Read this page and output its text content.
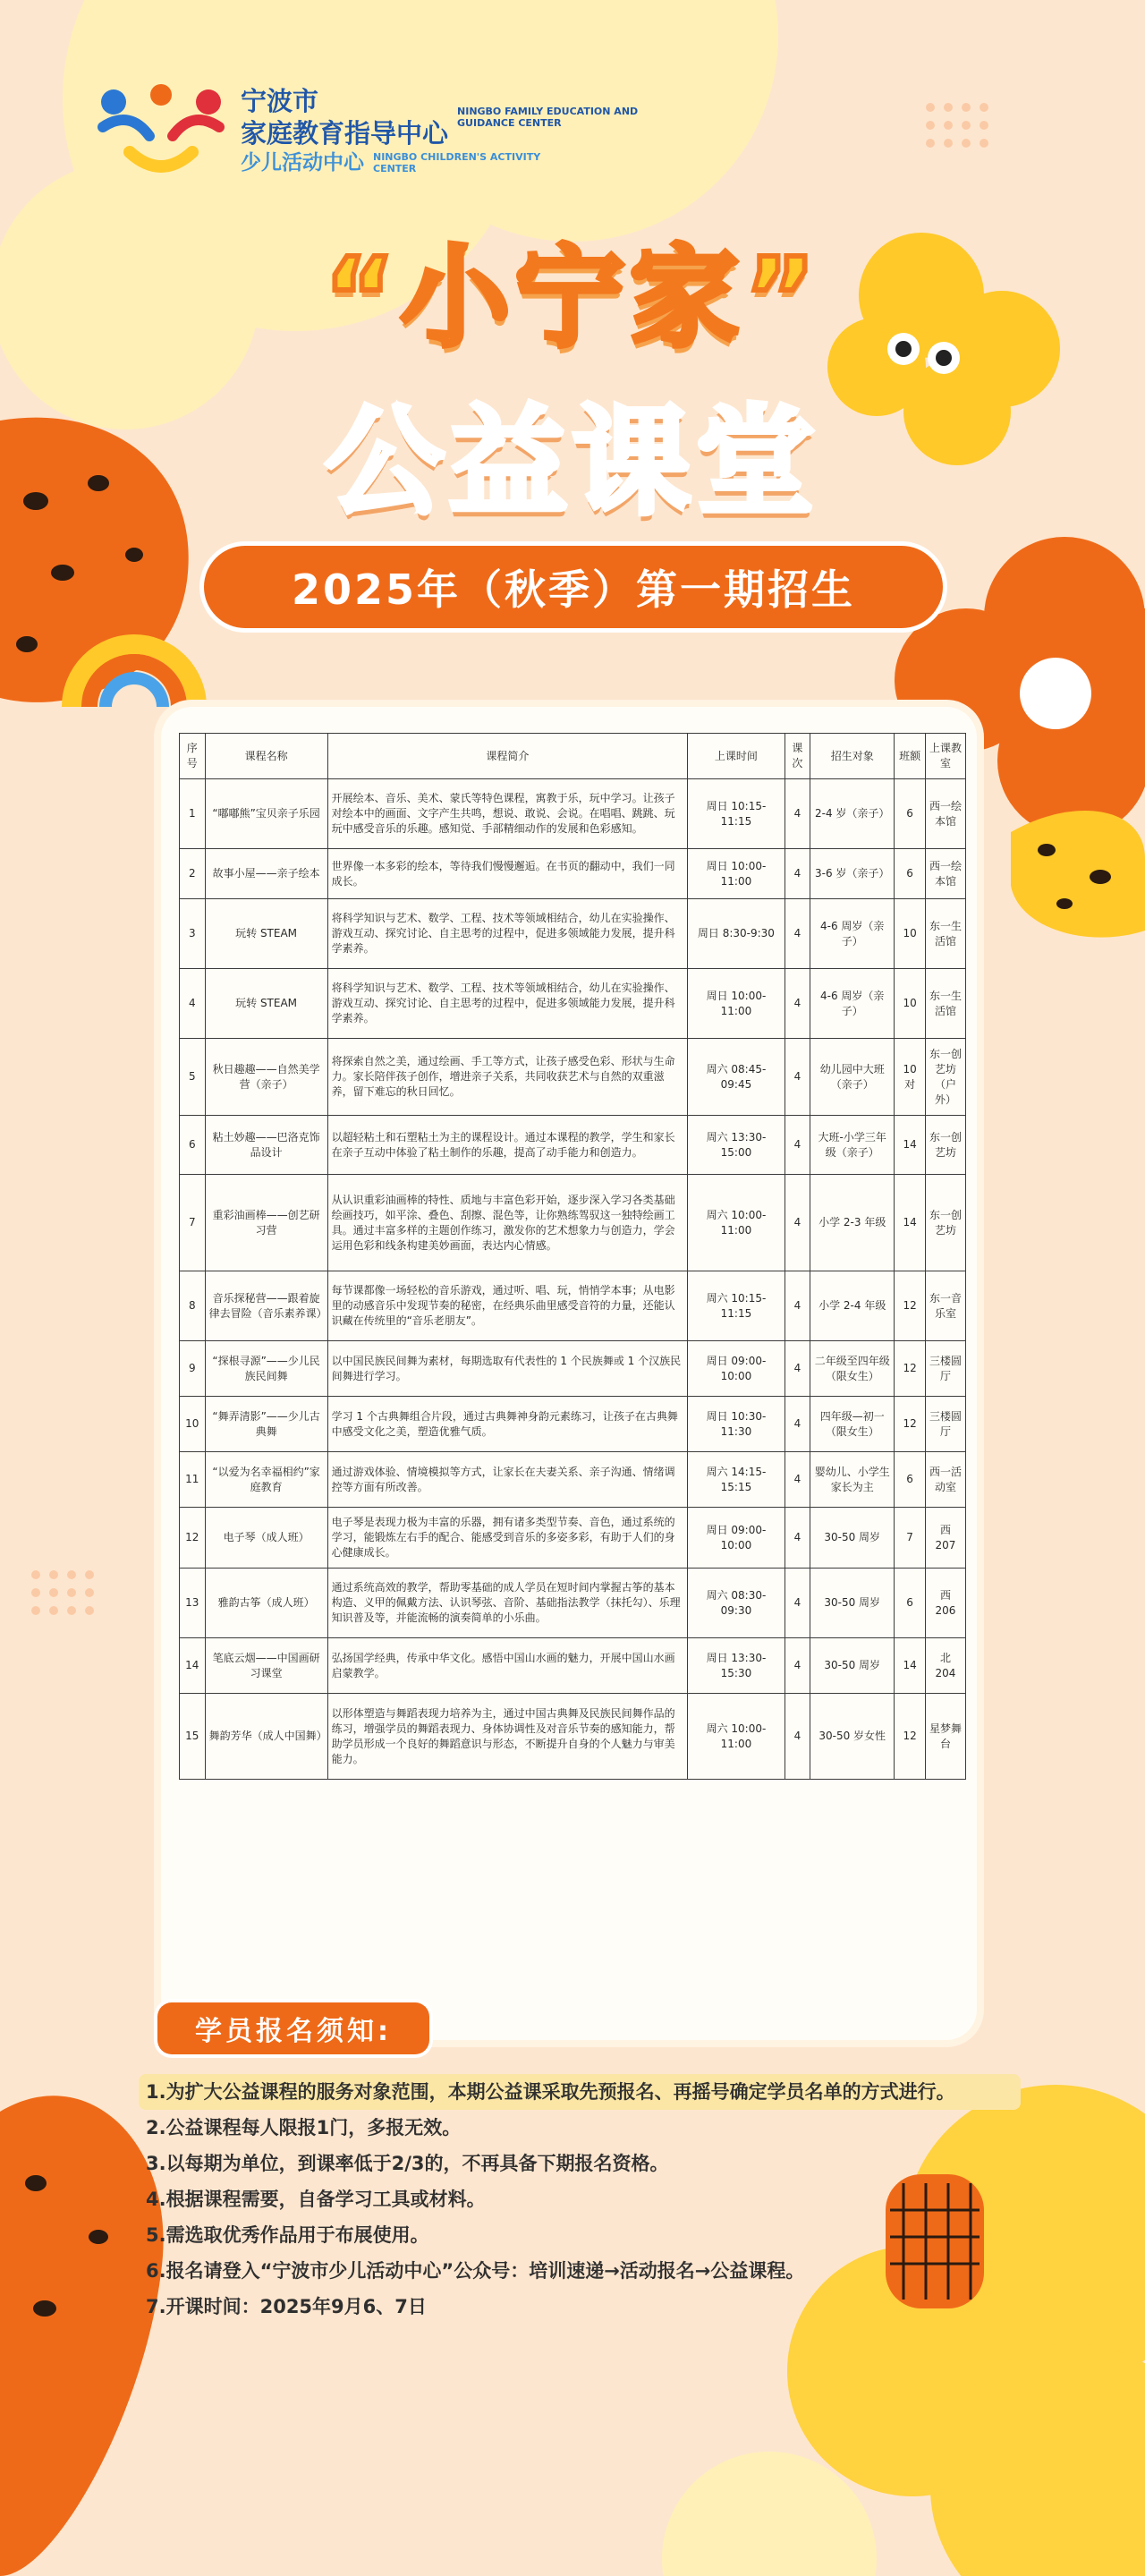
宁波市
家庭教育指导中心
NINGBO FAMILY EDUCATION AND GUIDANCE CENTER
少儿活动中心 NINGBO CHILDREN'S ACTIVITY CENTER
“小宁家”
公益课堂
2025年（秋季）第一期招生
序号	课程名称	课程简介	上课时间	课次	招生对象	班额	上课教室
1	“嘟嘟熊”宝贝亲子乐园	开展绘本、音乐、美术、蒙氏等特色课程，寓教于乐，玩中学习。让孩子对绘本中的画面、文字产生共鸣，想说、敢说、会说。在唱唱、跳跳、玩玩中感受音乐的乐趣。感知觉、手部精细动作的发展和色彩感知。	周日 10:15-11:15	4	2-4 岁（亲子）	6	西一绘本馆
2	故事小屋——亲子绘本	世界像一本多彩的绘本，等待我们慢慢邂逅。在书页的翻动中，我们一同成长。	周日 10:00-11:00	4	3-6 岁（亲子）	6	西一绘本馆
3	玩转 STEAM	将科学知识与艺术、数学、工程、技术等领域相结合，幼儿在实验操作、游戏互动、探究讨论、自主思考的过程中，促进多领域能力发展，提升科学素养。	周日 8:30-9:30	4	4-6 周岁（亲子）	10	东一生活馆
4	玩转 STEAM	将科学知识与艺术、数学、工程、技术等领域相结合，幼儿在实验操作、游戏互动、探究讨论、自主思考的过程中，促进多领域能力发展，提升科学素养。	周日 10:00-11:00	4	4-6 周岁（亲子）	10	东一生活馆
5	秋日趣趣——自然美学营（亲子）	将探索自然之美，通过绘画、手工等方式，让孩子感受色彩、形状与生命力。家长陪伴孩子创作，增进亲子关系，共同收获艺术与自然的双重滋养，留下难忘的秋日回忆。	周六 08:45-09:45	4	幼儿园中大班（亲子）	10 对	东一创艺坊（户外）
6	粘土妙趣——巴洛克饰品设计	以超轻粘土和石塑粘土为主的课程设计。通过本课程的教学，学生和家长在亲子互动中体验了粘土制作的乐趣，提高了动手能力和创造力。	周六 13:30-15:00	4	大班-小学三年级（亲子）	14	东一创艺坊
7	重彩油画棒——创艺研习营	从认识重彩油画棒的特性、质地与丰富色彩开始，逐步深入学习各类基础绘画技巧，如平涂、叠色、刮擦、混色等，让你熟练驾驭这一独特绘画工具。通过丰富多样的主题创作练习，激发你的艺术想象力与创造力，学会运用色彩和线条构建美妙画面，表达内心情感。	周六 10:00-11:00	4	小学 2-3 年级	14	东一创艺坊
8	音乐探秘营——跟着旋律去冒险（音乐素养课）	每节课都像一场轻松的音乐游戏，通过听、唱、玩，悄悄学本事；从电影里的动感音乐中发现节奏的秘密，在经典乐曲里感受音符的力量，还能认识藏在传统里的“音乐老朋友”。	周六 10:15-11:15	4	小学 2-4 年级	12	东一音乐室
9	“探根寻源”——少儿民族民间舞	以中国民族民间舞为素材，每期选取有代表性的 1 个民族舞或 1 个汉族民间舞进行学习。	周日 09:00-10:00	4	二年级至四年级（限女生）	12	三楼圆厅
10	“舞弄清影”——少儿古典舞	学习 1 个古典舞组合片段，通过古典舞神身韵元素练习，让孩子在古典舞中感受文化之美，塑造优雅气质。	周日 10:30-11:30	4	四年级—初一（限女生）	12	三楼圆厅
11	“以爱为名幸福相约”家庭教育	通过游戏体验、情境模拟等方式，让家长在夫妻关系、亲子沟通、情绪调控等方面有所改善。	周六 14:15-15:15	4	婴幼儿、小学生家长为主	6	西一活动室
12	电子琴（成人班）	电子琴是表现力极为丰富的乐器，拥有诸多类型节奏、音色，通过系统的学习，能锻炼左右手的配合、能感受到音乐的多姿多彩，有助于人们的身心健康成长。	周日 09:00-10:00	4	30-50 周岁	7	西 207
13	雅韵古筝（成人班）	通过系统高效的教学，帮助零基础的成人学员在短时间内掌握古筝的基本构造、义甲的佩戴方法、认识琴弦、音阶、基础指法教学（抹托勾）、乐理知识普及等，并能流畅的演奏简单的小乐曲。	周六 08:30-09:30	4	30-50 周岁	6	西 206
14	笔底云烟——中国画研习课堂	弘扬国学经典，传承中华文化。感悟中国山水画的魅力，开展中国山水画启蒙教学。	周日 13:30-15:30	4	30-50 周岁	14	北 204
15	舞韵芳华（成人中国舞）	以形体塑造与舞蹈表现力培养为主，通过中国古典舞及民族民间舞作品的练习，增强学员的舞蹈表现力、身体协调性及对音乐节奏的感知能力，帮助学员形成一个良好的舞蹈意识与形态，不断提升自身的个人魅力与审美能力。	周六 10:00-11:00	4	30-50 岁女性	12	星梦舞台
学员报名须知:
1.为扩大公益课程的服务对象范围，本期公益课采取先预报名、再摇号确定学员名单的方式进行。
2.公益课程每人限报1门，多报无效。
3.以每期为单位，到课率低于2/3的，不再具备下期报名资格。
4.根据课程需要，自备学习工具或材料。
5.需选取优秀作品用于布展使用。
6.报名请登入“宁波市少儿活动中心”公众号：培训速递→活动报名→公益课程。
7.开课时间：2025年9月6、7日
